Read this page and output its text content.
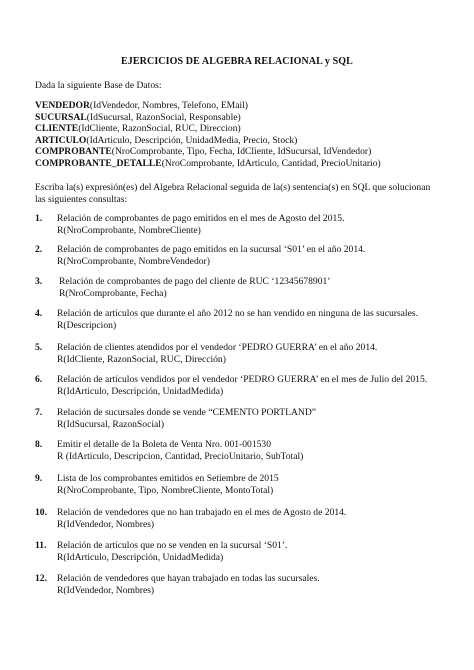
EJERCICIOS DE ALGEBRA RELACIONAL y SQL
Dada la siguiente Base de Datos:
VENDEDOR(IdVendedor, Nombres, Telefono, EMail)
SUCURSAL(IdSucursal, RazonSocial, Responsable)
CLIENTE(IdCliente, RazonSocial, RUC, Direccion)
ARTICULO(IdArticulo, Descripción, UnidadMedia, Precio, Stock)
COMPROBANTE(NroComprobante, Tipo, Fecha, IdCliente, IdSucursal, IdVendedor)
COMPROBANTE_DETALLE(NroComprobante, IdArticulo, Cantidad, PrecioUnitario)
Escriba la(s) expresión(es) del Algebra Relacional seguida de la(s) sentencia(s) en SQL que solucionan
las siguientes consultas:
1.	Relación de comprobantes de pago emitidos en el mes de Agosto del 2015.
R(NroComprobante, NombreCliente)
2.	Relación de comprobantes de pago emitidos en la sucursal ‘S01’ en el año 2014.
R(NroComprobante, NombreVendedor)
3.	Relación de comprobantes de pago del cliente de RUC ‘12345678901’
R(NroComprobante, Fecha)
4.	Relación de artículos que durante el año 2012 no se han vendido en ninguna de las sucursales.
R(Descripcion)
5.	Relación de clientes atendidos por el vendedor ‘PEDRO GUERRA’ en el año 2014.
R(IdCliente, RazonSocial, RUC, Dirección)
6.	Relación de artículos vendidos por el vendedor ‘PEDRO GUERRA’ en el mes de Julio del 2015.
R(IdArticulo, Descripción, UnidadMedida)
7.	Relación de sucursales donde se vende “CEMENTO PORTLAND”
R(IdSucursal, RazonSocial)
8.	Emitir el detalle de la Boleta de Venta Nro. 001-001530
R (IdArticulo, Descripcion, Cantidad, PrecioUnitario, SubTotal)
9.	Lista de los comprobantes emitidos en Setiembre de 2015
R(NroComprobante, Tipo, NombreCliente, MontoTotal)
10.	Relación de vendedores que no han trabajado en el mes de Agosto de 2014.
R(IdVendedor, Nombres)
11.	Relación de artículos que no se venden en la sucursal ‘S01’.
R(IdArticulo, Descripción, UnidadMedida)
12.	Relación de vendedores que hayan trabajado en todas las sucursales.
R(IdVendedor, Nombres)
